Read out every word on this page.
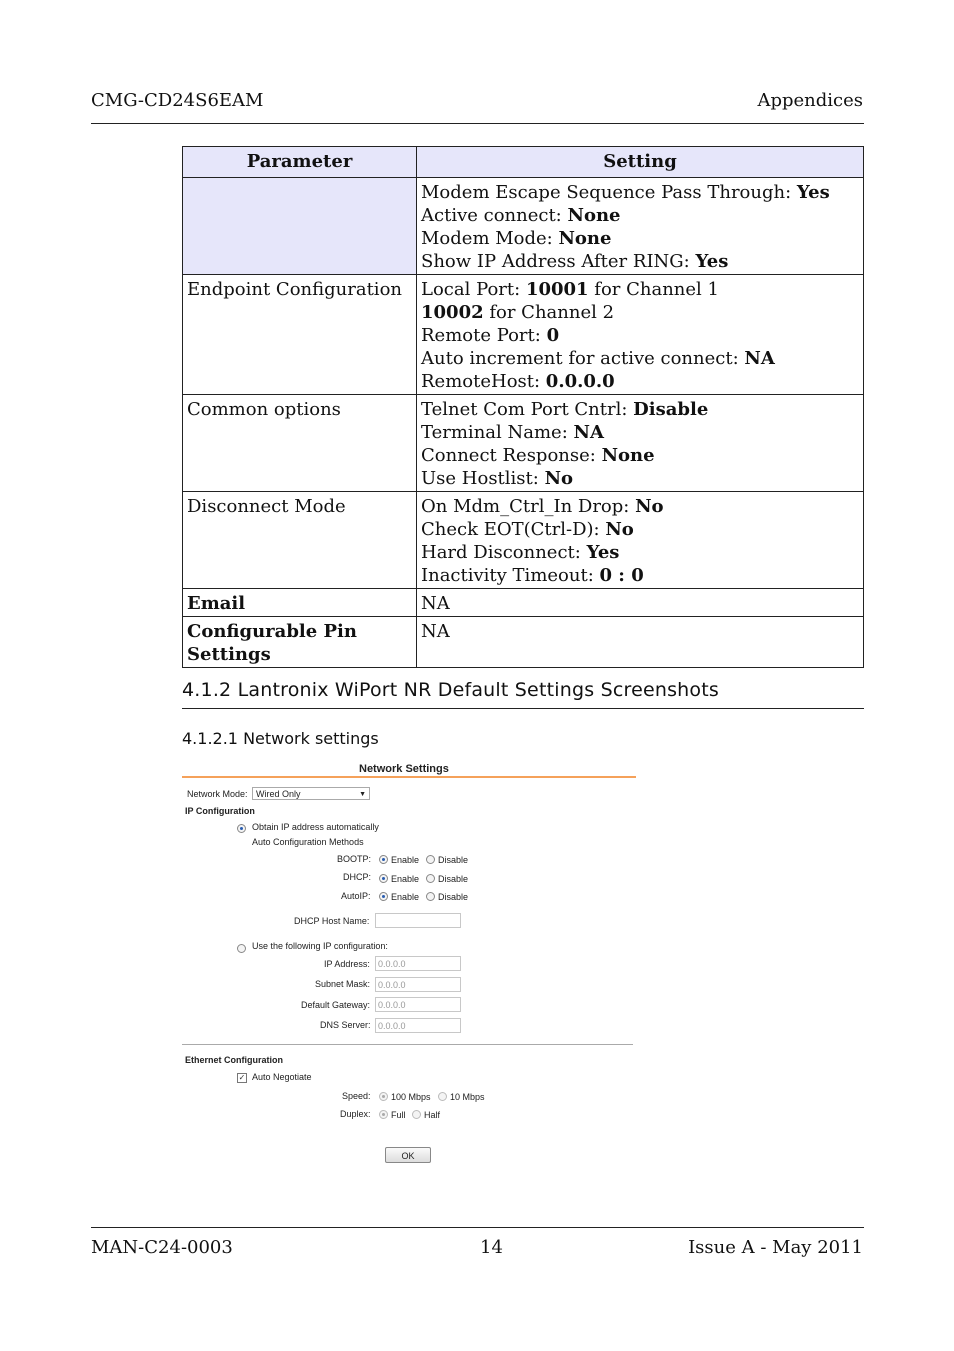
CMG-CD24S6EAM	Appendices
Parameter	Setting

	Modem Escape Sequence Pass Through: Yes
Active connect: None
Modem Mode: None
Show IP Address After RING: Yes

Endpoint Configuration	Local Port: 10001 for Channel 1
10002 for Channel 2
Remote Port: 0
Auto increment for active connect: NA
RemoteHost: 0.0.0.0

Common options	Telnet Com Port Cntrl: Disable
Terminal Name: NA
Connect Response: None
Use Hostlist: No

Disconnect Mode	On Mdm_Ctrl_In Drop: No
Check EOT(Ctrl-D): No
Hard Disconnect: Yes
Inactivity Timeout: 0 : 0

Email	NA

Configurable Pin Settings	NA
4.1.2 Lantronix WiPort NR Default Settings Screenshots
4.1.2.1 Network settings
Network Settings
Network Mode: Wired Only	▼
IP Configuration
Obtain IP address automatically
Auto Configuration Methods
BOOTP: Enable Disable
DHCP: Enable Disable
AutoIP: Enable Disable
DHCP Host Name:
Use the following IP configuration:
IP Address: 0.0.0.0
Subnet Mask: 0.0.0.0
Default Gateway: 0.0.0.0
DNS Server: 0.0.0.0
Ethernet Configuration
✓ Auto Negotiate
Speed: 100 Mbps 10 Mbps
Duplex: Full Half
OK
MAN-C24-0003	14	Issue A - May 2011
